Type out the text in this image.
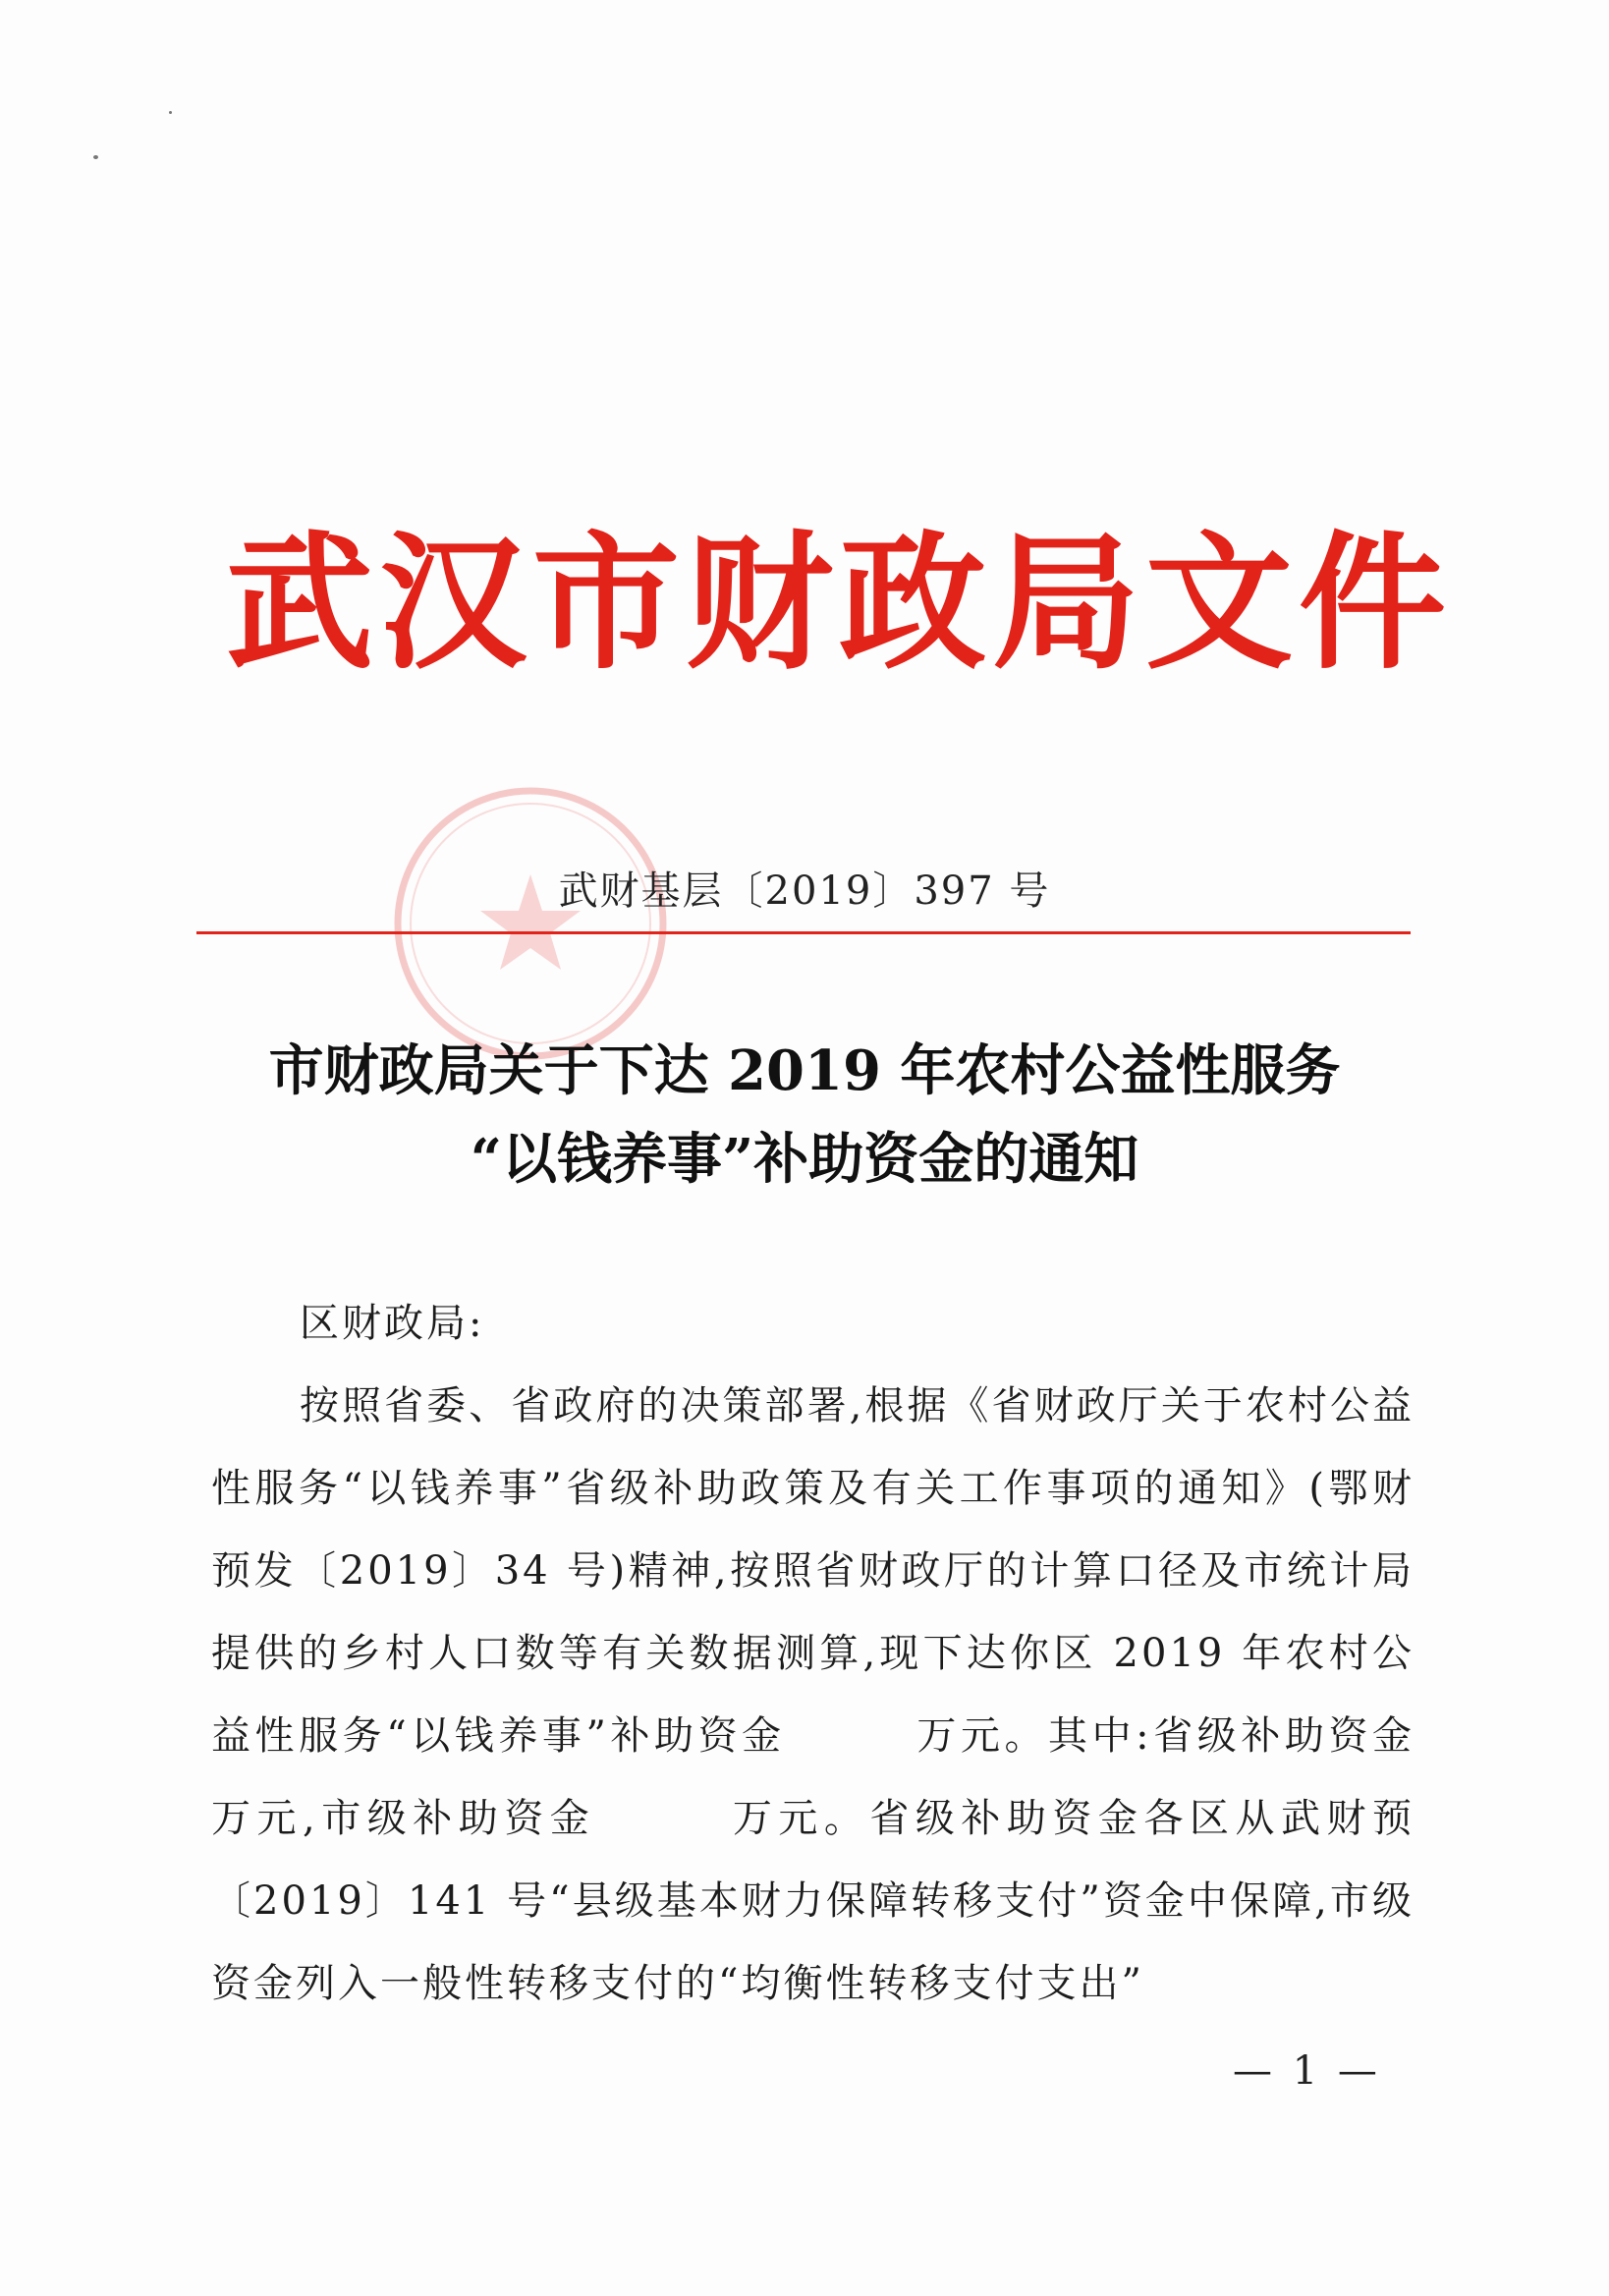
武汉市财政局文件
武财基层〔2019〕397 号
市财政局关于下达 2019 年农村公益性服务
“以钱养事”补助资金的通知
区财政局:
按照省委、省政府的决策部署,根据《省财政厅关于农村公益性服务“以钱养事”省级补助政策及有关工作事项的通知》(鄂财预发〔2019〕34 号)精神,按照省财政厅的计算口径及市统计局提供的乡村人口数等有关数据测算,现下达你区 2019 年农村公益性服务“以钱养事”补助资金　　　万元。其中:省级补助资金　　　万元,市级补助资金　　　万元。省级补助资金各区从武财预〔2019〕141 号“县级基本财力保障转移支付”资金中保障,市级资金列入一般性转移支付的“均衡性转移支付支出”
— 1 —
